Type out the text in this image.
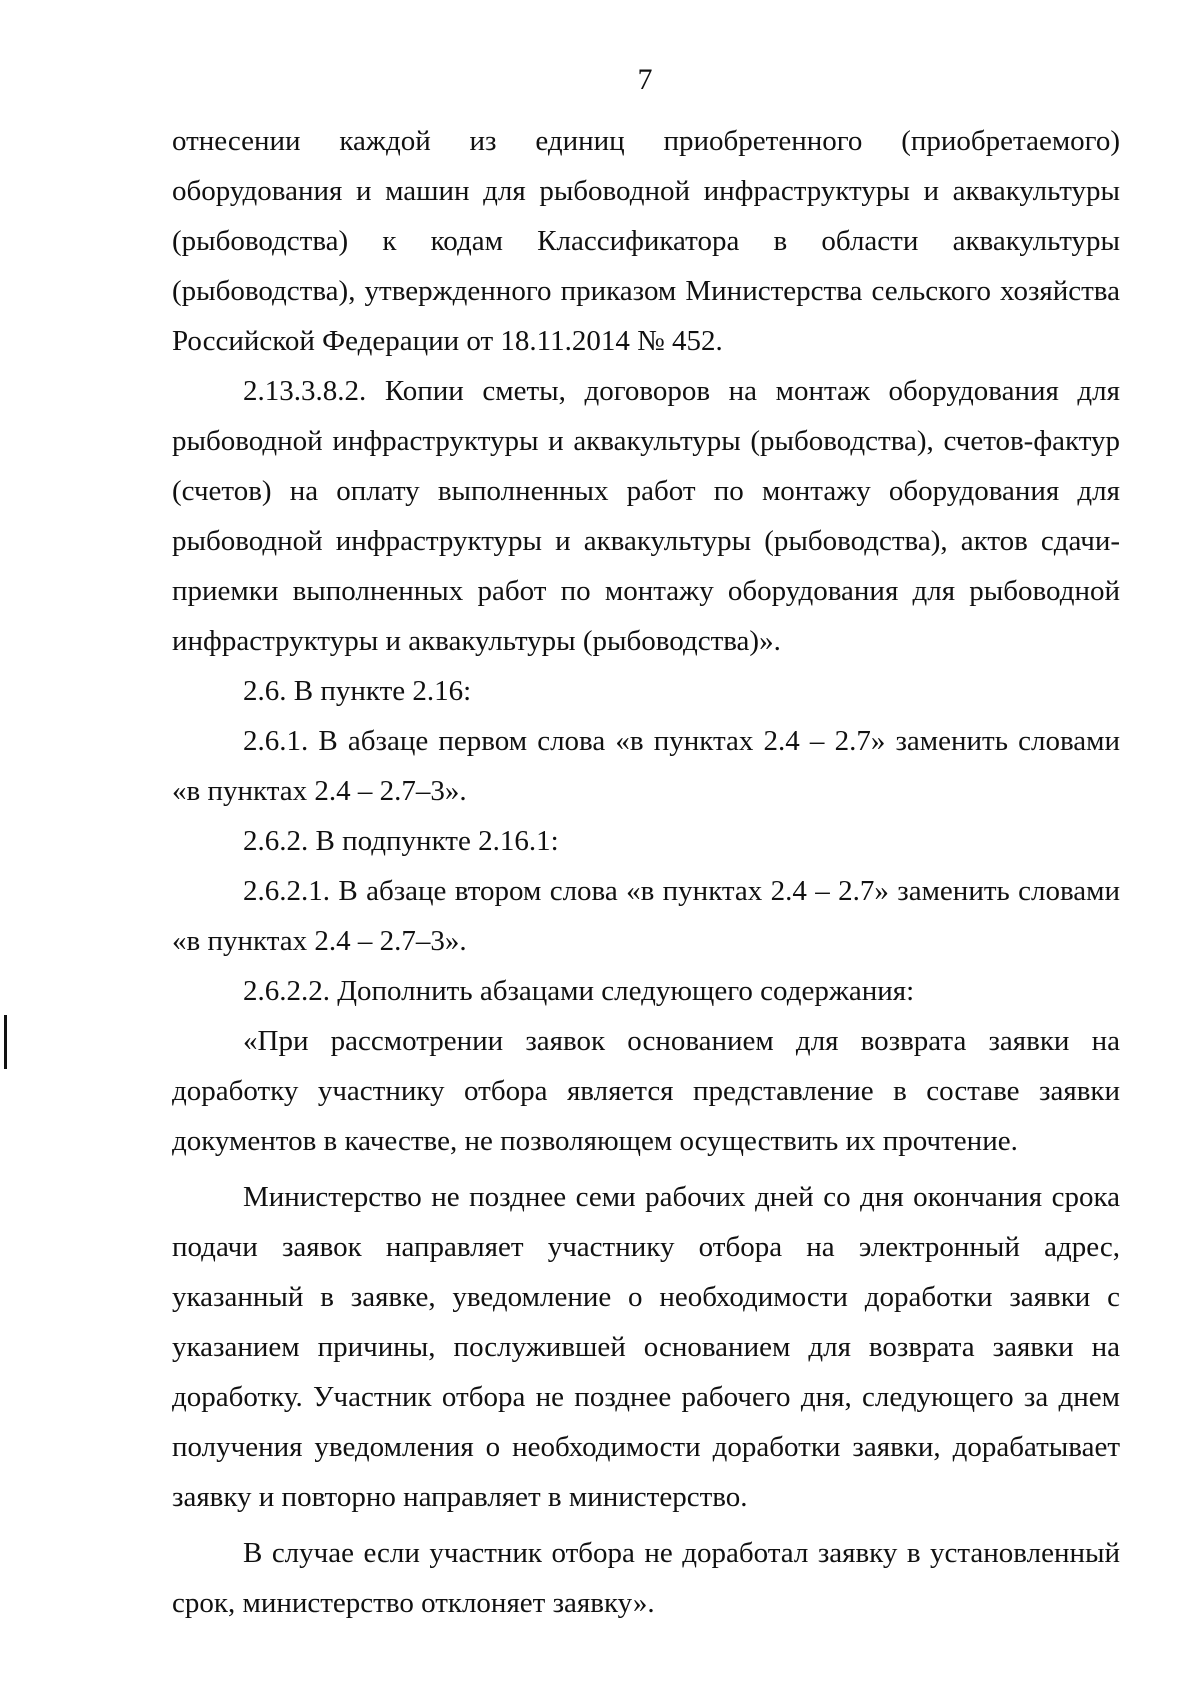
7

отнесении каждой из единиц приобретенного (приобретаемого) оборудования и машин для рыбоводной инфраструктуры и аквакультуры (рыбоводства) к кодам Классификатора в области аквакультуры (рыбоводства), утвержденного приказом Министерства сельского хозяйства Российской Федерации от 18.11.2014 № 452.

2.13.3.8.2. Копии сметы, договоров на монтаж оборудования для рыбоводной инфраструктуры и аквакультуры (рыбоводства), счетов-фактур (счетов) на оплату выполненных работ по монтажу оборудования для рыбоводной инфраструктуры и аквакультуры (рыбоводства), актов сдачи-приемки выполненных работ по монтажу оборудования для рыбоводной инфраструктуры и аквакультуры (рыбоводства)».

2.6. В пункте 2.16:

2.6.1. В абзаце первом слова «в пунктах 2.4 – 2.7» заменить словами «в пунктах 2.4 – 2.7–3».

2.6.2. В подпункте 2.16.1:

2.6.2.1. В абзаце втором слова «в пунктах 2.4 – 2.7» заменить словами «в пунктах 2.4 – 2.7–3».

2.6.2.2. Дополнить абзацами следующего содержания:

«При рассмотрении заявок основанием для возврата заявки на доработку участнику отбора является представление в составе заявки документов в качестве, не позволяющем осуществить их прочтение.

Министерство не позднее семи рабочих дней со дня окончания срока подачи заявок направляет участнику отбора на электронный адрес, указанный в заявке, уведомление о необходимости доработки заявки с указанием причины, послужившей основанием для возврата заявки на доработку. Участник отбора не позднее рабочего дня, следующего за днем получения уведомления о необходимости доработки заявки, дорабатывает заявку и повторно направляет в министерство.

В случае если участник отбора не доработал заявку в установленный срок, министерство отклоняет заявку».
